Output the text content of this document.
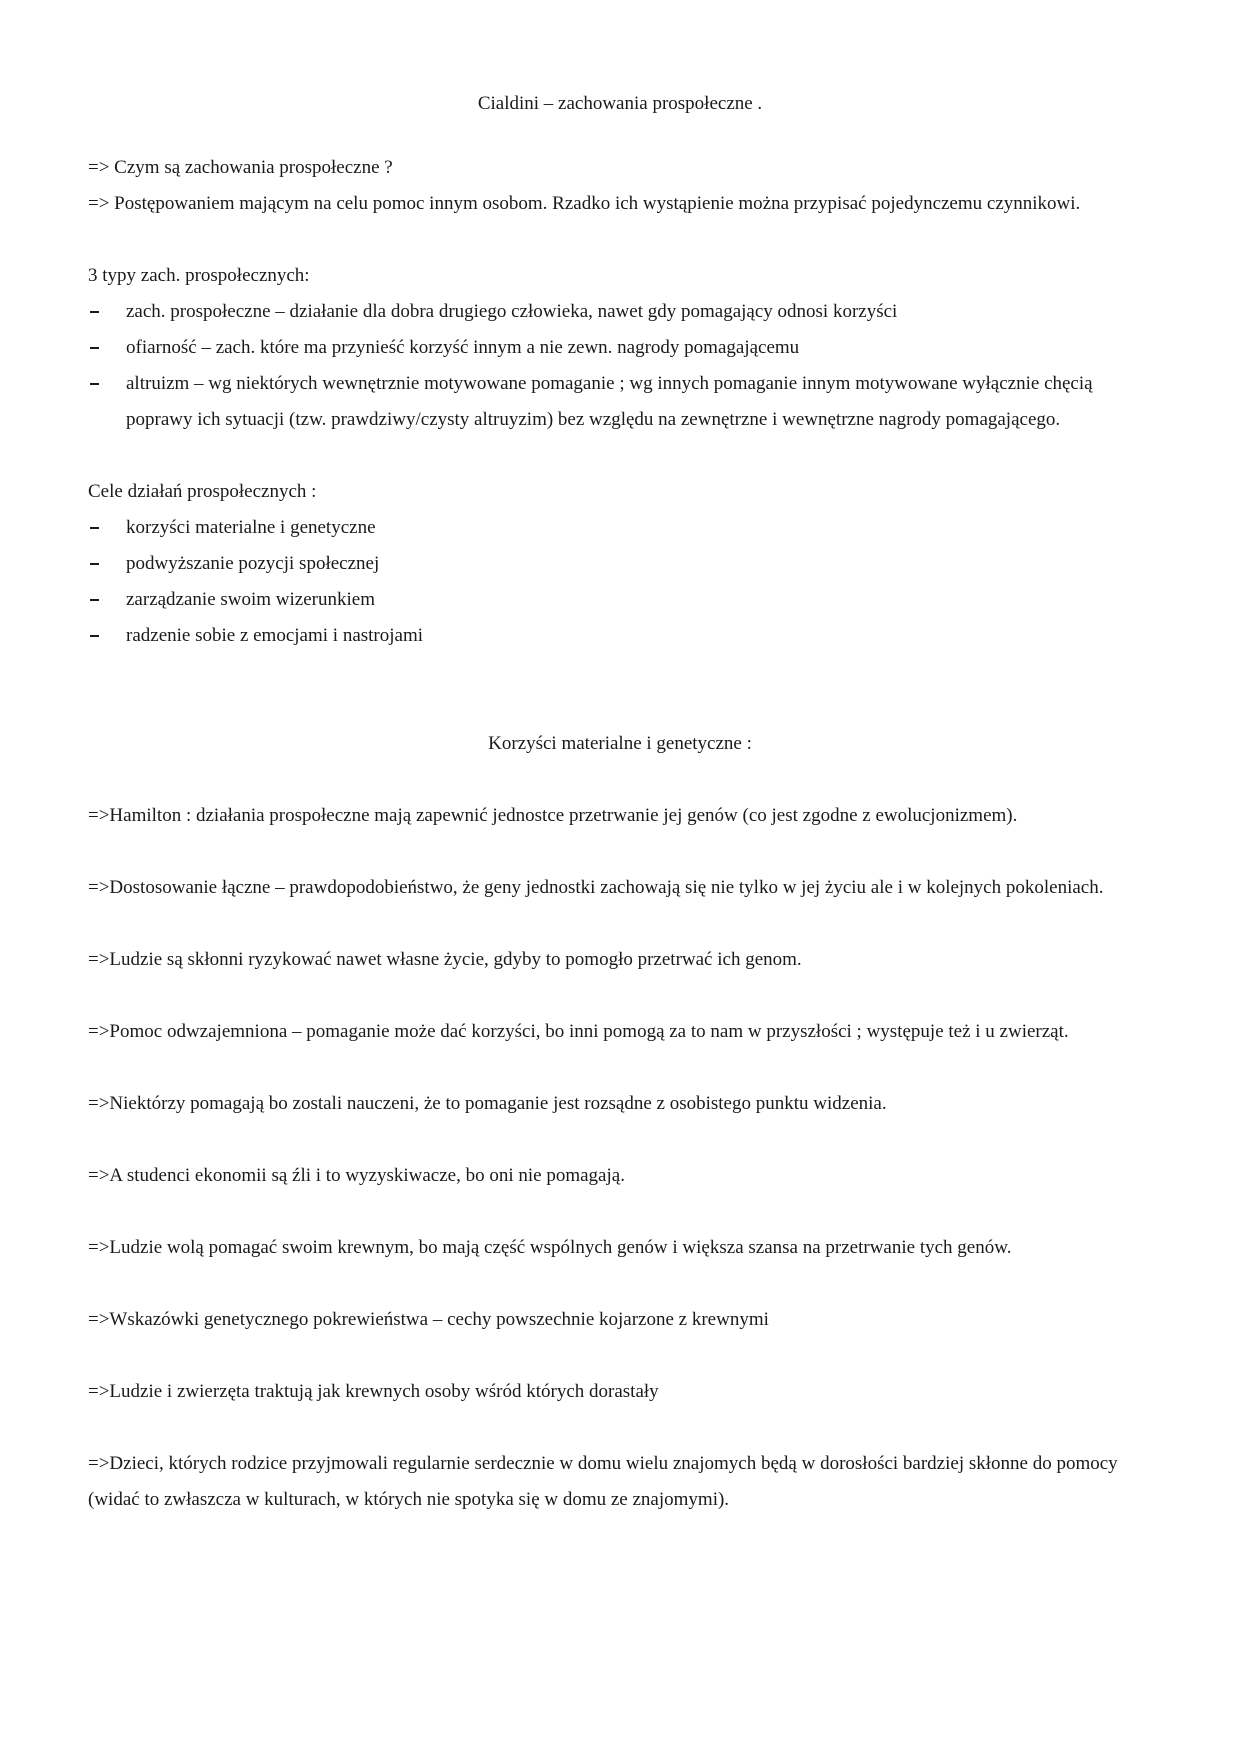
Cialdini – zachowania prospołeczne .

=> Czym są zachowania prospołeczne ?

=> Postępowaniem mającym na celu pomoc innym osobom. Rzadko ich wystąpienie można przypisać pojedynczemu czynnikowi.

3 typy zach. prospołecznych:

zach. prospołeczne – działanie dla dobra drugiego człowieka, nawet gdy pomagający odnosi korzyści
ofiarność – zach. które ma przynieść korzyść innym a nie zewn. nagrody pomagającemu
altruizm – wg niektórych wewnętrznie motywowane pomaganie ; wg innych pomaganie innym motywowane wyłącznie chęcią poprawy ich sytuacji (tzw. prawdziwy/czysty altruyzim) bez względu na zewnętrzne i wewnętrzne nagrody pomagającego.

Cele działań prospołecznych :

korzyści materialne i genetyczne
podwyższanie pozycji społecznej
zarządzanie swoim wizerunkiem
radzenie sobie z emocjami i nastrojami

Korzyści materialne i genetyczne :

=>Hamilton : działania prospołeczne mają zapewnić jednostce przetrwanie jej genów (co jest zgodne z ewolucjonizmem).

=>Dostosowanie łączne – prawdopodobieństwo, że geny jednostki zachowają się nie tylko w jej życiu ale i w kolejnych pokoleniach.

=>Ludzie są skłonni ryzykować nawet własne życie, gdyby to pomogło przetrwać ich genom.

=>Pomoc odwzajemniona – pomaganie może dać korzyści, bo inni pomogą za to nam w przyszłości ; występuje też i u zwierząt.

=>Niektórzy pomagają bo zostali nauczeni, że to pomaganie jest rozsądne z osobistego punktu widzenia.

=>A studenci ekonomii są źli i to wyzyskiwacze, bo oni nie pomagają.

=>Ludzie wolą pomagać swoim krewnym, bo mają część wspólnych genów i większa szansa na przetrwanie tych genów.

=>Wskazówki genetycznego pokrewieństwa – cechy powszechnie kojarzone z krewnymi

=>Ludzie i zwierzęta traktują jak krewnych osoby wśród których dorastały

=>Dzieci, których rodzice przyjmowali regularnie serdecznie w domu wielu znajomych będą w dorosłości bardziej skłonne do pomocy (widać to zwłaszcza w kulturach, w których nie spotyka się w domu ze znajomymi).
